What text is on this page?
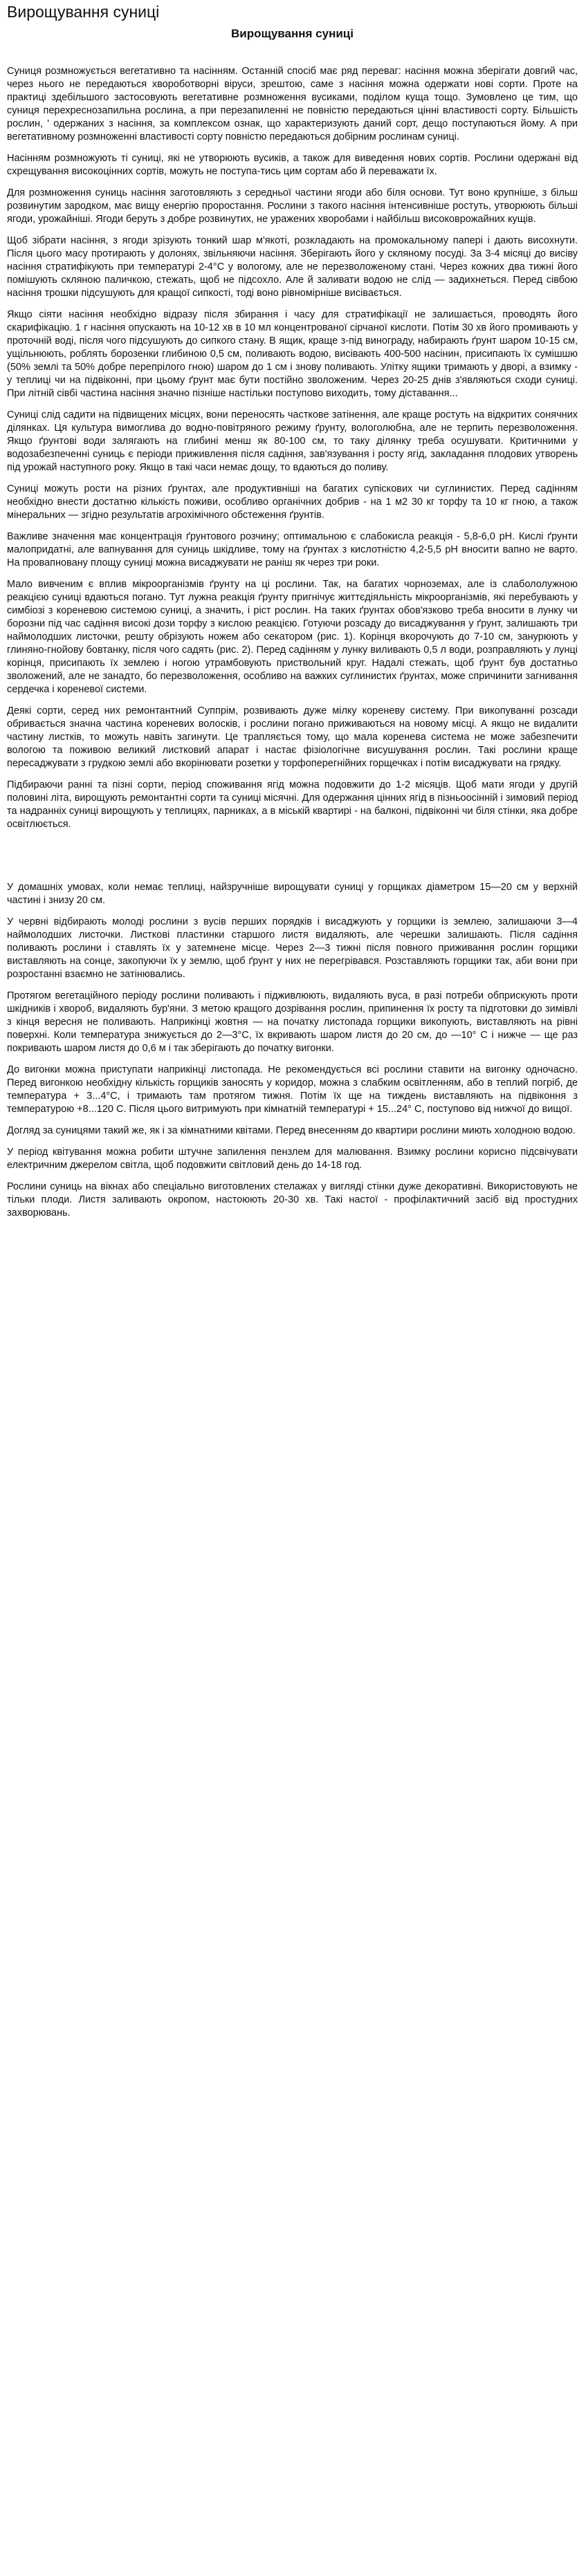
Вирощування суниці
Вирощування суниці

Суниця розмножується вегетативно та насінням. Останній спосіб має ряд переваг: насіння можна зберігати довгий час, через нього не передаються хвороботворні віруси, зрештою, саме з насіння можна одержати нові сорти. Проте на практиці здебільшого застосовують вегетативне розмноження вусиками, поділом куща тощо. Зумовлено це тим, що суниця перехреснозапильна рослина, а при перезапиленні не повністю передаються цінні властивості сорту. Більшість рослин, ' одержаних з насіння, за комплексом ознак, що характеризують даний сорт, дещо поступаються йому. А при вегетативному розмноженні властивості сорту повністю передаються добірним рослинам суниці.

Насінням розмножують ті суниці, які не утворюють вусиків, а також для виведення нових сортів. Рослини одержані від схрещування високоцінних сортів, можуть не поступа-тись цим сортам або й переважати їх.

Для розмноження суниць насіння заготовляють з середньої частини ягоди або біля основи. Тут воно крупніше, з більш розвинутим зародком, має вищу енергію проростання. Рослини з такого насіння інтенсивніше ростуть, утворюють більші ягоди, урожайніші. Ягоди беруть з добре розвинутих, не уражених хворобами і найбільш високоврожайних кущів.

Щоб зібрати насіння, з ягоди зрізують тонкий шар м'якоті, розкладають на промокальному папері і дають висохнути. Після цього масу протирають у долонях, звільняючи насіння. Зберігають його у скляному посуді. За 3-4 місяці до висіву насіння стратифікують при температурі 2-4°С у вологому, але не перезволоженому стані. Через кожних два тижні його помішують скляною паличкою, стежать, щоб не підсохло. Але й заливати водою не слід — задихнеться. Перед сівбою насіння трошки підсушують для кращої сипкості, тоді воно рівномірніше висівається.

Якщо сіяти насіння необхідно відразу після збирання і часу для стратифікації не залишається, проводять його скарифікацію. 1 г насіння опускають на 10-12 хв в 10 мл концентрованої сірчаної кислоти. Потім 30 хв його промивають у проточній воді, після чого підсушують до сипкого стану. В ящик, краще з-під винограду, набирають ґрунт шаром 10-15 см, ущільнюють, роблять борозенки глибиною 0,5 см, поливають водою, висівають 400-500 насінин, присипають їх сумішшю (50% землі та 50% добре перепрілого гною) шаром до 1 см і знову поливають. Улітку ящики тримають у дворі, а взимку - у теплиці чи на підвіконні, при цьому ґрунт має бути постійно зволоженим. Через 20-25 днів з'являються сходи суниці. При літній сівбі частина насіння значно пізніше настільки поступово виходить, тому діставання...

Суниці слід садити на підвищених місцях, вони переносять часткове затінення, але краще ростуть на відкритих сонячних ділянках. Ця культура вимоглива до водно-повітряного режиму ґрунту, вологолюбна, але не терпить перезволоження. Якщо ґрунтові води залягають на глибині менш як 80-100 см, то таку ділянку треба осушувати. Критичними у водозабезпеченні суниць є періоди приживлення після садіння, зав'язування і росту ягід, закладання плодових утворень під урожай наступного року. Якщо в такі часи немає дощу, то вдаються до поливу.

Суниці можуть рости на різних ґрунтах, але продуктивніші на багатих супіскових чи суглинистих. Перед садінням необхідно внести достатню кількість поживи, особливо органічних добрив - на 1 м2 30 кг торфу та 10 кг гною, а також мінеральних — згідно результатів агрохімічного обстеження ґрунтів.

Важливе значення має концентрація ґрунтового розчину; оптимальною є слабокисла реакція - 5,8-6,0 рН. Кислі ґрунти малопридатні, але вапнування для суниць шкідливе, тому на ґрунтах з кислотністю 4,2-5,5 рН вносити вапно не варто. На провапновану площу суниці можна висаджувати не раніш як через три роки.

Мало вивченим є вплив мікроорганізмів ґрунту на ці рослини. Так, на багатих чорноземах, але із слабололужною реакцією суниці вдаються погано. Тут лужна реакція ґрунту пригнічує життєдіяльність мікроорганізмів, які перебувають у симбіозі з кореневою системою суниці, а значить, і ріст рослин. На таких ґрунтах обов'язково треба вносити в лунку чи борозни під час садіння високі дози торфу з кислою реакцією. Готуючи розсаду до висаджування у ґрунт, залишають три наймолодших листочки, решту обрізують ножем або секатором (рис. 1). Корінця вкорочують до 7-10 см, занурюють у глиняно-гнойову бовтанку, після чого садять (рис. 2). Перед садінням у лунку виливають 0,5 л води, розправляють у лунці корінця, присипають їх землею і ногою утрамбовують приствольний круг. Надалі стежать, щоб ґрунт був достатньо зволожений, але не занадто, бо перезволоження, особливо на важких суглинистих ґрунтах, може спричинити загнивання сердечка і кореневої системи.

Деякі сорти, серед них ремонтантний Суппрім, розвивають дуже мілку кореневу систему. При викопуванні розсади обривається значна частина кореневих волосків, і рослини погано приживаються на новому місці. А якщо не видалити частину листків, то можуть навіть загинути. Це трапляється тому, що мала коренева система не може забезпечити вологою та поживою великий листковий апарат і настає фізіологічне висушування рослин. Такі рослини краще пересаджувати з грудкою землі або вкорінювати розетки у торфоперегнійних горщечках і потім висаджувати на грядку.

Підбираючи ранні та пізні сорти, період споживання ягід можна подовжити до 1-2 місяців. Щоб мати ягоди у другій половині літа, вирощують ремонтантні сорти та суниці місячні. Для одержання цінних ягід в пізньоосінній і зимовий період та надранніх суниці вирощують у теплицях, парниках, а в міській квартирі - на балконі, підвіконні чи біля стінки, яка добре освітлюється.

У домашніх умовах, коли немає теплиці, найзручніше вирощувати суниці у горщиках діаметром 15—20 см у верхній частині і знизу 20 см.

У червні відбирають молоді рослини з вусів перших порядків і висаджують у горщики із землею, залишаючи 3—4 наймолодших листочки. Листкові пластинки старшого листя видаляють, але черешки залишають. Після садіння поливають рослини і ставлять їх у затемнене місце. Через 2—3 тижні після повного приживання рослин горщики виставляють на сонце, закопуючи їх у землю, щоб ґрунт у них не перегрівався. Розставляють горщики так, аби вони при розростанні взаємно не затінювались.

Протягом вегетаційного періоду рослини поливають і підживлюють, видаляють вуса, в разі потреби обприскують проти шкідників і хвороб, видаляють бур'яни. З метою кращого дозрівання рослин, припинення їх росту та підготовки до зимівлі з кінця вересня не поливають. Наприкінці жовтня — на початку листопада горщики викопують, виставляють на рівні поверхні. Коли температура знижується до 2—3°С, їх вкривають шаром листя до 20 см, до —10° С і нижче — ще раз покривають шаром листя до 0,6 м і так зберігають до початку вигонки.

До вигонки можна приступати наприкінці листопада. Не рекомендується всі рослини ставити на вигонку одночасно. Перед вигонкою необхідну кількість горщиків заносять у коридор, можна з слабким освітленням, або в теплий погріб, де температура + 3...4°С, і тримають там протягом тижня. Потім їх ще на тиждень виставляють на підвіконня з температурою +8...120 С. Після цього витримують при кімнатній температурі + 15...24° С, поступово від нижчої до вищої.

Догляд за суницями такий же, як і за кімнатними квітами. Перед внесенням до квартири рослини миють холодною водою.

У період квітування можна робити штучне запилення пензлем для малювання. Взимку рослини корисно підсвічувати електричним джерелом світла, щоб подовжити світловий день до 14-18 год.

Рослини суниць на вікнах або спеціально виготовлених стелажах у вигляді стінки дуже декоративні. Використовують не тільки плоди. Листя заливають окропом, настоюють 20-30 хв. Такі настої - профілактичний засіб від простудних захворювань.
